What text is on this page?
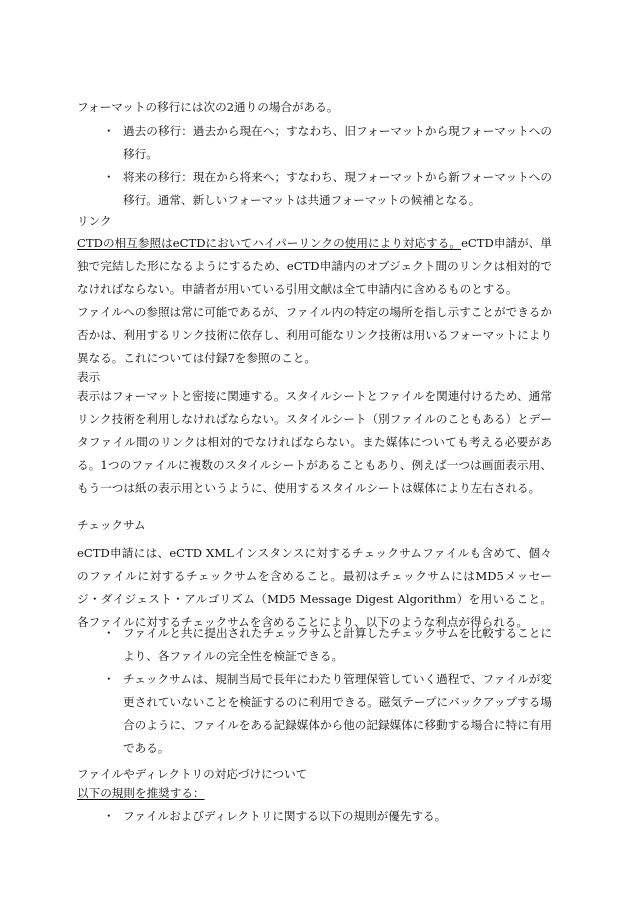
フォーマットの移行には次の2通りの場合がある。

・ 過去の移行：過去から現在へ；すなわち、旧フォーマットから現フォーマットへの移行。
・ 将来の移行：現在から将来へ；すなわち、現フォーマットから新フォーマットへの移行。通常、新しいフォーマットは共通フォーマットの候補となる。

リンク

CTDの相互参照はeCTDにおいてハイパーリンクの使用により対応する。eCTD申請が、単独で完結した形になるようにするため、eCTD申請内のオブジェクト間のリンクは相対的でなければならない。申請者が用いている引用文献は全て申請内に含めるものとする。

ファイルへの参照は常に可能であるが、ファイル内の特定の場所を指し示すことができるか否かは、利用するリンク技術に依存し、利用可能なリンク技術は用いるフォーマットにより異なる。これについては付録7を参照のこと。

表示

表示はフォーマットと密接に関連する。スタイルシートとファイルを関連付けるため、通常リンク技術を利用しなければならない。スタイルシート（別ファイルのこともある）とデータファイル間のリンクは相対的でなければならない。また媒体についても考える必要がある。1つのファイルに複数のスタイルシートがあることもあり、例えば一つは画面表示用、もう一つは紙の表示用というように、使用するスタイルシートは媒体により左右される。

チェックサム

eCTD申請には、eCTD XMLインスタンスに対するチェックサムファイルも含めて、個々のファイルに対するチェックサムを含めること。最初はチェックサムにはMD5メッセージ・ダイジェスト・アルゴリズム（MD5 Message Digest Algorithm）を用いること。各ファイルに対するチェックサムを含めることにより、以下のような利点が得られる。

・ ファイルと共に提出されたチェックサムと計算したチェックサムを比較することにより、各ファイルの完全性を検証できる。
・ チェックサムは、規制当局で長年にわたり管理保管していく過程で、ファイルが変更されていないことを検証するのに利用できる。磁気テープにバックアップする場合のように、ファイルをある記録媒体から他の記録媒体に移動する場合に特に有用である。

ファイルやディレクトリの対応づけについて

以下の規則を推奨する：

・ ファイルおよびディレクトリに関する以下の規則が優先する。
